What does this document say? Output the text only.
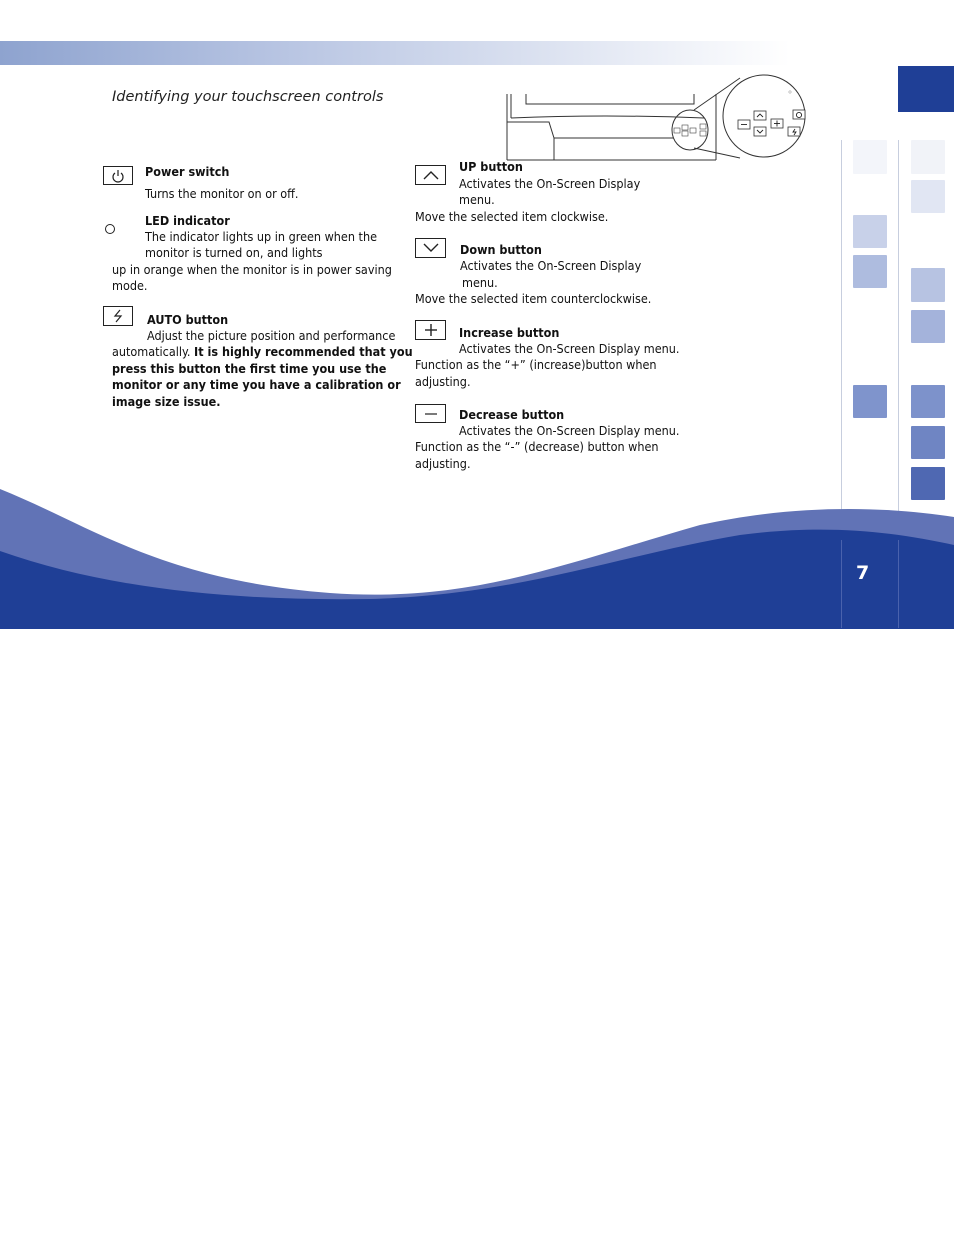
Identifying your touchscreen controls
Power switch
Turns the monitor on or off.
LED indicator
The indicator lights up in green when the
monitor is turned on, and lights
up in orange when the monitor is in power saving
mode.
AUTO button
Adjust the picture position and performance
automatically. It is highly recommended that you
press this button the first time you use the
monitor or any time you have a calibration or
image size issue.
UP button
Activates the On-Screen Display
menu.
Move the selected item clockwise.
Down button
Activates the On-Screen Display
menu.
Move the selected item counterclockwise.
Increase button
Activates the On-Screen Display menu.
Function as the “+” (increase)button when
adjusting.
Decrease button
Activates the On-Screen Display menu.
Function as the “-” (decrease) button when
adjusting.
7
